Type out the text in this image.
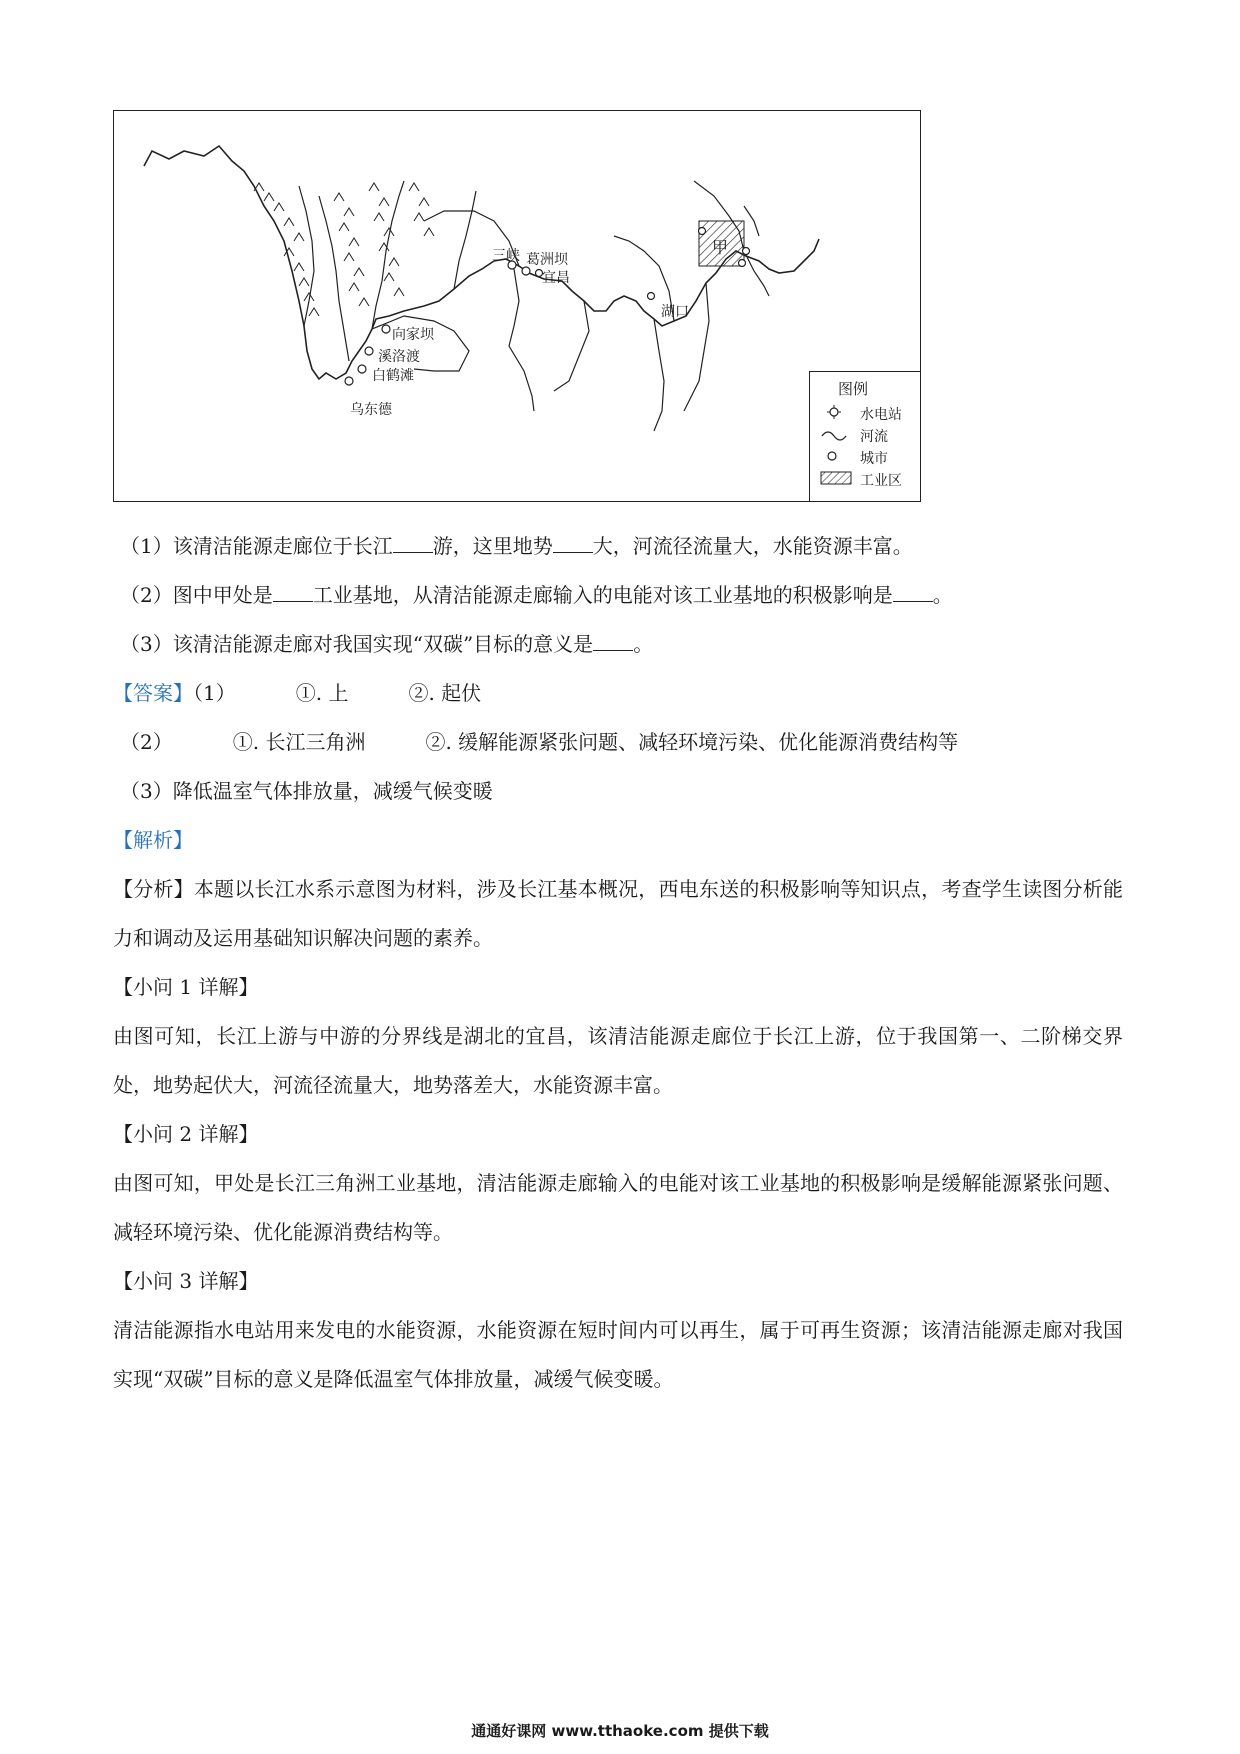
甲
三峡 葛洲坝
宜昌
湖口
向家坝
溪洛渡
白鹤滩
乌东德
图例
水电站
河流
城市
工业区
（1）该清洁能源走廊位于长江 游，这里地势 大，河流径流量大，水能资源丰富。
（2）图中甲处是 工业基地，从清洁能源走廊输入的电能对该工业基地的积极影响是 。
（3）该清洁能源走廊对我国实现“双碳”目标的意义是 。
【答案】（1）	①. 上	②. 起伏
（2）	①. 长江三角洲	②. 缓解能源紧张问题、减轻环境污染、优化能源消费结构等
（3）降低温室气体排放量，减缓气候变暖
【解析】
【分析】本题以长江水系示意图为材料，涉及长江基本概况，西电东送的积极影响等知识点，考查学生读图分析能力和调动及运用基础知识解决问题的素养。
【小问 1 详解】
由图可知，长江上游与中游的分界线是湖北的宜昌，该清洁能源走廊位于长江上游，位于我国第一、二阶梯交界处，地势起伏大，河流径流量大，地势落差大，水能资源丰富。
【小问 2 详解】
由图可知，甲处是长江三角洲工业基地，清洁能源走廊输入的电能对该工业基地的积极影响是缓解能源紧张问题、减轻环境污染、优化能源消费结构等。
【小问 3 详解】
清洁能源指水电站用来发电的水能资源，水能资源在短时间内可以再生，属于可再生资源；该清洁能源走廊对我国实现“双碳”目标的意义是降低温室气体排放量，减缓气候变暖。
通通好课网 www.tthaoke.com 提供下载
